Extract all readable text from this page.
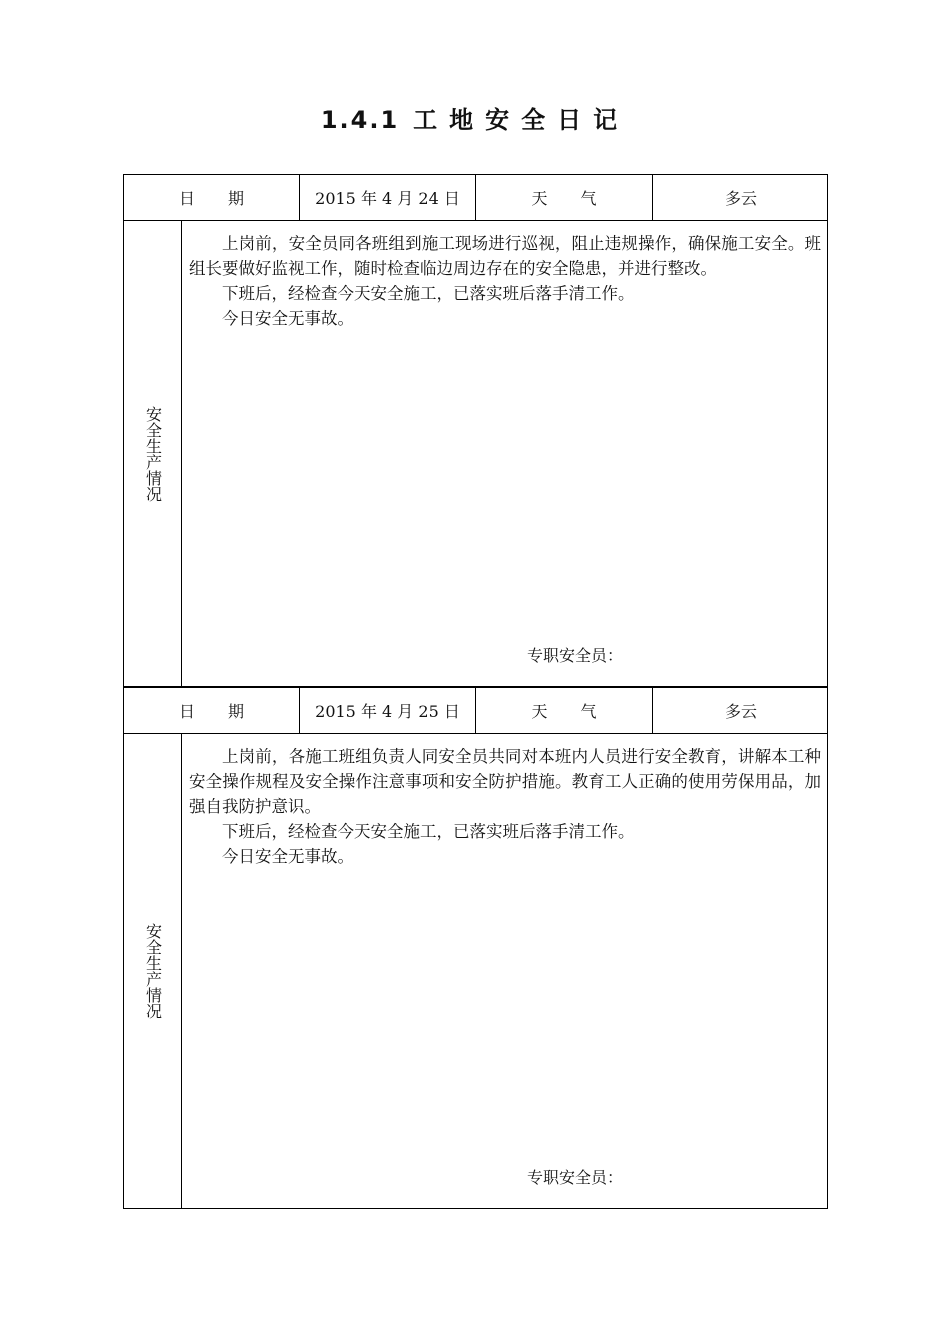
1.4.1 工地安全日记
日 期	2015 年 4 月 24 日	天 气	多云
安全生产情况

上岗前，安全员同各班组到施工现场进行巡视，阻止违规操作，确保施工安全。班组长要做好监视工作，随时检查临边周边存在的安全隐患，并进行整改。

下班后，经检查今天安全施工，已落实班后落手清工作。

今日安全无事故。

专职安全员：
日 期	2015 年 4 月 25 日	天 气	多云
安全生产情况

上岗前，各施工班组负责人同安全员共同对本班内人员进行安全教育，讲解本工种安全操作规程及安全操作注意事项和安全防护措施。教育工人正确的使用劳保用品，加强自我防护意识。

下班后，经检查今天安全施工，已落实班后落手清工作。

今日安全无事故。

专职安全员：
